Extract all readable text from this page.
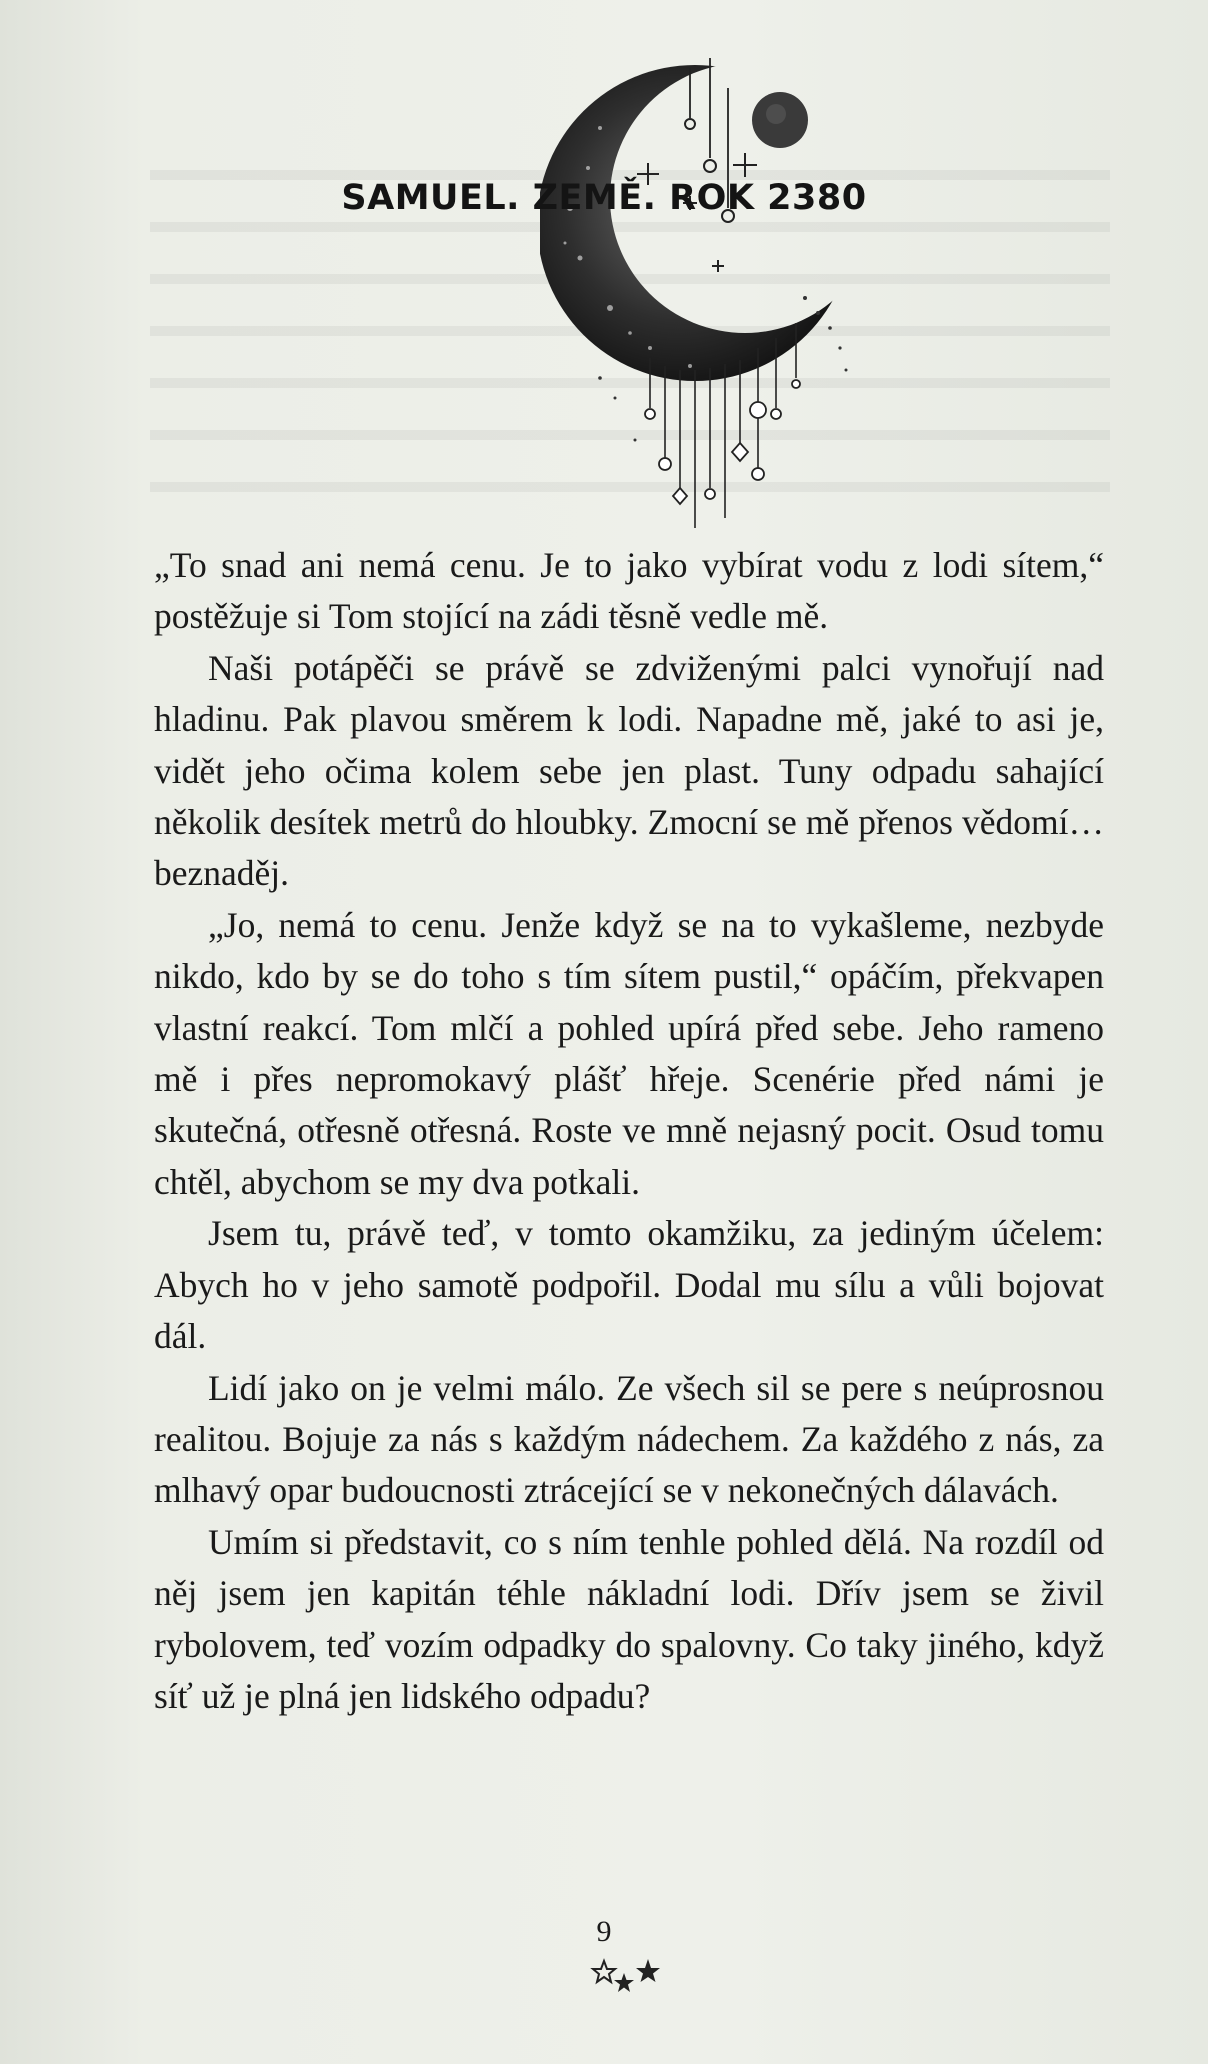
SAMUEL. ZEMĚ. ROK 2380

„To snad ani nemá cenu. Je to jako vybírat vodu z lodi sítem,“ postěžuje si Tom stojící na zádi těsně vedle mě.

Naši potápěči se právě se zdviženými palci vynořují nad hladinu. Pak plavou směrem k lodi. Napadne mě, jaké to asi je, vidět jeho očima kolem sebe jen plast. Tuny odpadu sahající několik desítek metrů do hloubky. Zmocní se mě přenos vědomí… beznaděj.

„Jo, nemá to cenu. Jenže když se na to vykašleme, nezbyde nikdo, kdo by se do toho s tím sítem pustil,“ opáčím, překvapen vlastní reakcí. Tom mlčí a pohled upírá před sebe. Jeho rameno mě i přes nepromokavý plášť hřeje. Scenérie před námi je skutečná, otřesně otřesná. Roste ve mně nejasný pocit. Osud tomu chtěl, abychom se my dva potkali.

Jsem tu, právě teď, v tomto okamžiku, za jediným účelem: Abych ho v jeho samotě podpořil. Dodal mu sílu a vůli bojovat dál.

Lidí jako on je velmi málo. Ze všech sil se pere s neúprosnou realitou. Bojuje za nás s každým nádechem. Za každého z nás, za mlhavý opar budoucnosti ztrácející se v nekonečných dálavách.

Umím si představit, co s ním tenhle pohled dělá. Na rozdíl od něj jsem jen kapitán téhle nákladní lodi. Dřív jsem se živil rybolovem, teď vozím odpadky do spalovny. Co taky jiného, když síť už je plná jen lidského odpadu?

9
